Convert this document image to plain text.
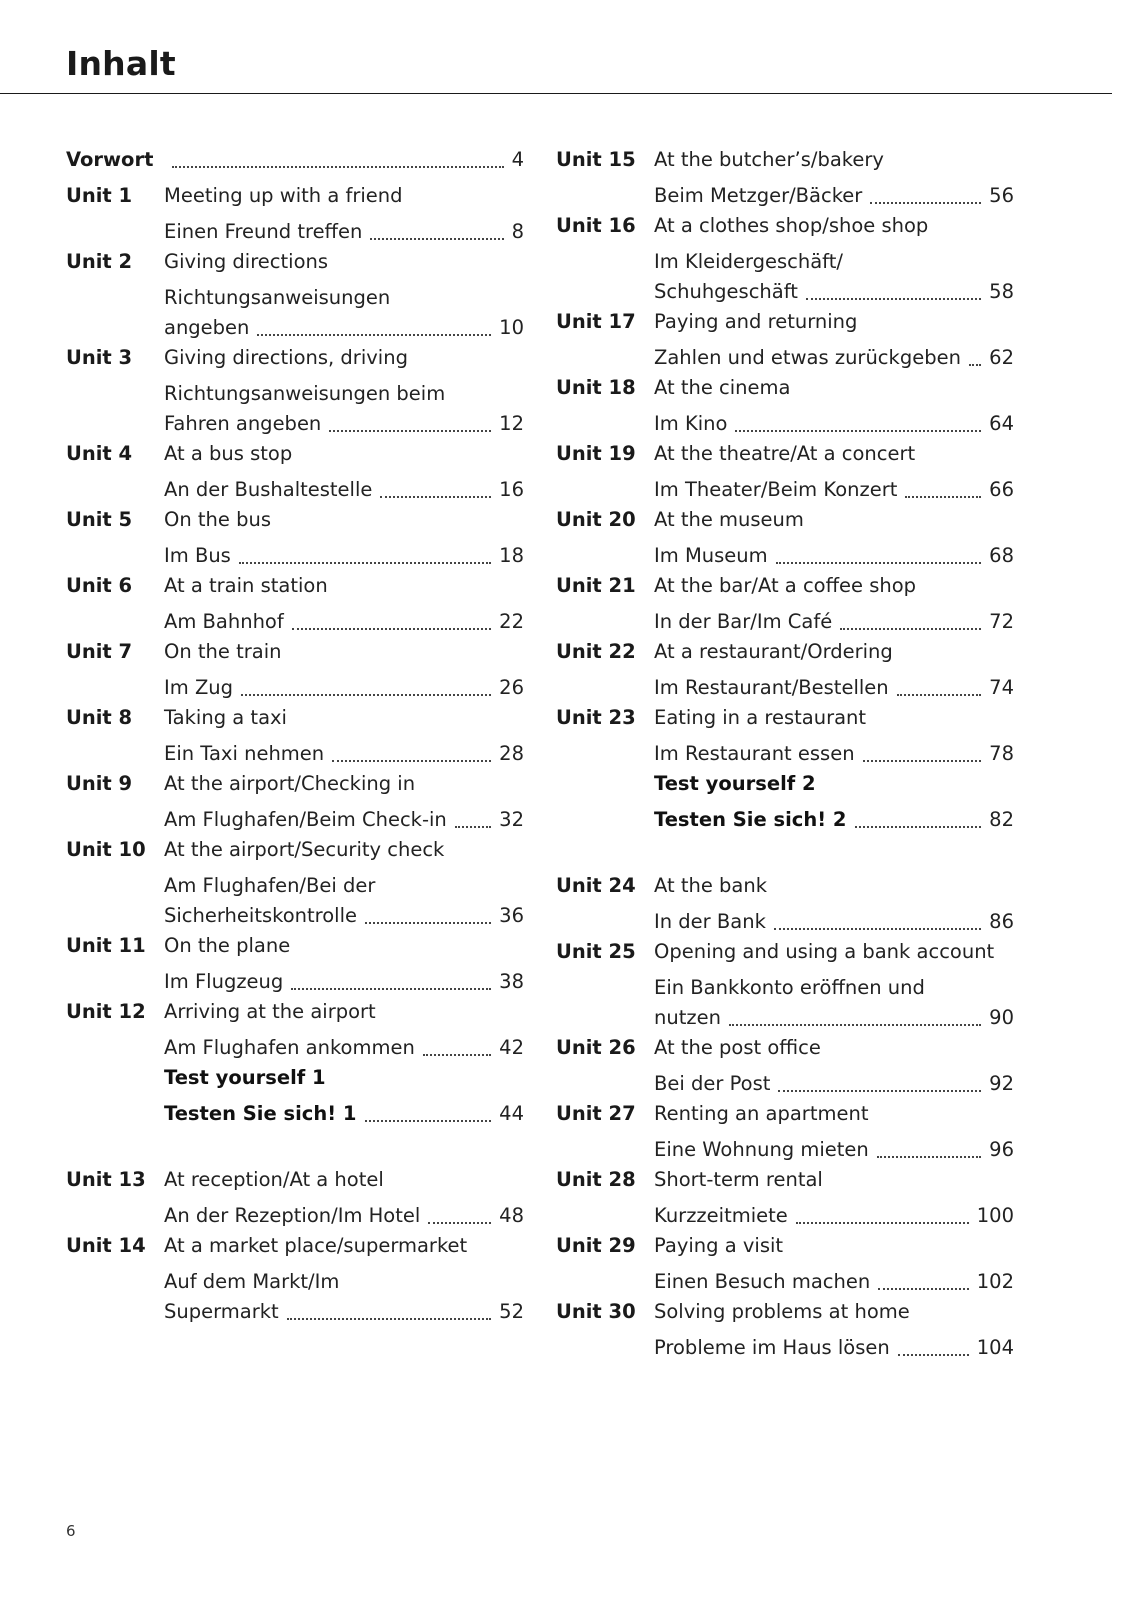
Inhalt
Vorwort	4
Unit 1	Meeting up with a friend
Einen Freund treffen	8
Unit 2	Giving directions
Richtungsanweisungen
angeben	10
Unit 3	Giving directions, driving
Richtungsanweisungen beim
Fahren angeben	12
Unit 4	At a bus stop
An der Bushaltestelle	16
Unit 5	On the bus
Im Bus	18
Unit 6	At a train station
Am Bahnhof	22
Unit 7	On the train
Im Zug	26
Unit 8	Taking a taxi
Ein Taxi nehmen	28
Unit 9	At the airport/Checking in
Am Flughafen/Beim Check-in	32
Unit 10 At the airport/Security check
Am Flughafen/Bei der
Sicherheitskontrolle	36
Unit 11 On the plane
Im Flugzeug	38
Unit 12 Arriving at the airport
Am Flughafen ankommen	42
Test yourself 1
Testen Sie sich! 1	44
Unit 13 At reception/At a hotel
An der Rezeption/Im Hotel	48
Unit 14 At a market place/supermarket
Auf dem Markt/Im
Supermarkt	52
Unit 15 At the butcher’s/bakery
Beim Metzger/Bäcker	56
Unit 16 At a clothes shop/shoe shop
Im Kleidergeschäft/
Schuhgeschäft	58
Unit 17 Paying and returning
Zahlen und etwas zurückgeben 62
Unit 18 At the cinema
Im Kino	64
Unit 19 At the theatre/At a concert
Im Theater/Beim Konzert	66
Unit 20 At the museum
Im Museum	68
Unit 21 At the bar/At a coffee shop
In der Bar/Im Café	72
Unit 22 At a restaurant/Ordering
Im Restaurant/Bestellen	74
Unit 23 Eating in a restaurant
Im Restaurant essen	78
Test yourself 2
Testen Sie sich! 2	82
Unit 24 At the bank
In der Bank	86
Unit 25 Opening and using a bank account
Ein Bankkonto eröffnen und
nutzen	90
Unit 26 At the post office
Bei der Post	92
Unit 27 Renting an apartment
Eine Wohnung mieten	96
Unit 28 Short-term rental
Kurzzeitmiete	100
Unit 29 Paying a visit
Einen Besuch machen	102
Unit 30 Solving problems at home
Probleme im Haus lösen	104
6
